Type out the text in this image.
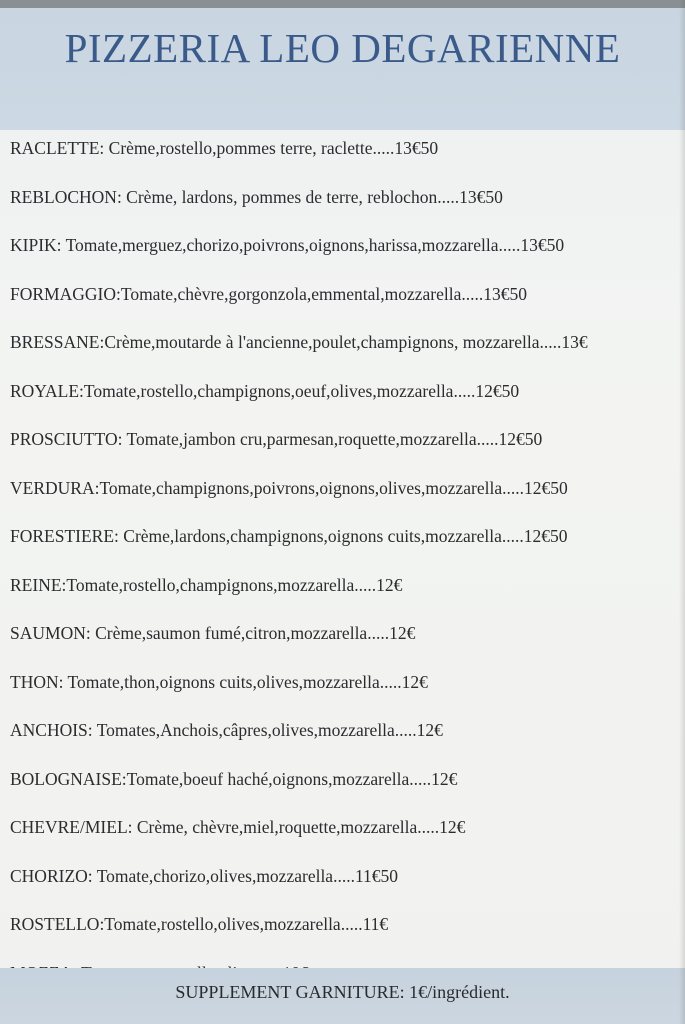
PIZZERIA LEO DEGARIENNE
RACLETTE: Crème,rostello,pommes terre, raclette.....13€50
REBLOCHON: Crème, lardons, pommes de terre, reblochon.....13€50
KIPIK: Tomate,merguez,chorizo,poivrons,oignons,harissa,mozzarella.....13€50
FORMAGGIO:Tomate,chèvre,gorgonzola,emmental,mozzarella.....13€50
BRESSANE:Crème,moutarde à l'ancienne,poulet,champignons, mozzarella.....13€
ROYALE:Tomate,rostello,champignons,oeuf,olives,mozzarella.....12€50
PROSCIUTTO: Tomate,jambon cru,parmesan,roquette,mozzarella.....12€50
VERDURA:Tomate,champignons,poivrons,oignons,olives,mozzarella.....12€50
FORESTIERE: Crème,lardons,champignons,oignons cuits,mozzarella.....12€50
REINE:Tomate,rostello,champignons,mozzarella.....12€
SAUMON: Crème,saumon fumé,citron,mozzarella.....12€
THON: Tomate,thon,oignons cuits,olives,mozzarella.....12€
ANCHOIS: Tomates,Anchois,câpres,olives,mozzarella.....12€
BOLOGNAISE:Tomate,boeuf haché,oignons,mozzarella.....12€
CHEVRE/MIEL: Crème, chèvre,miel,roquette,mozzarella.....12€
CHORIZO: Tomate,chorizo,olives,mozzarella.....11€50
ROSTELLO:Tomate,rostello,olives,mozzarella.....11€
SUPPLEMENT GARNITURE: 1€/ingrédient.
